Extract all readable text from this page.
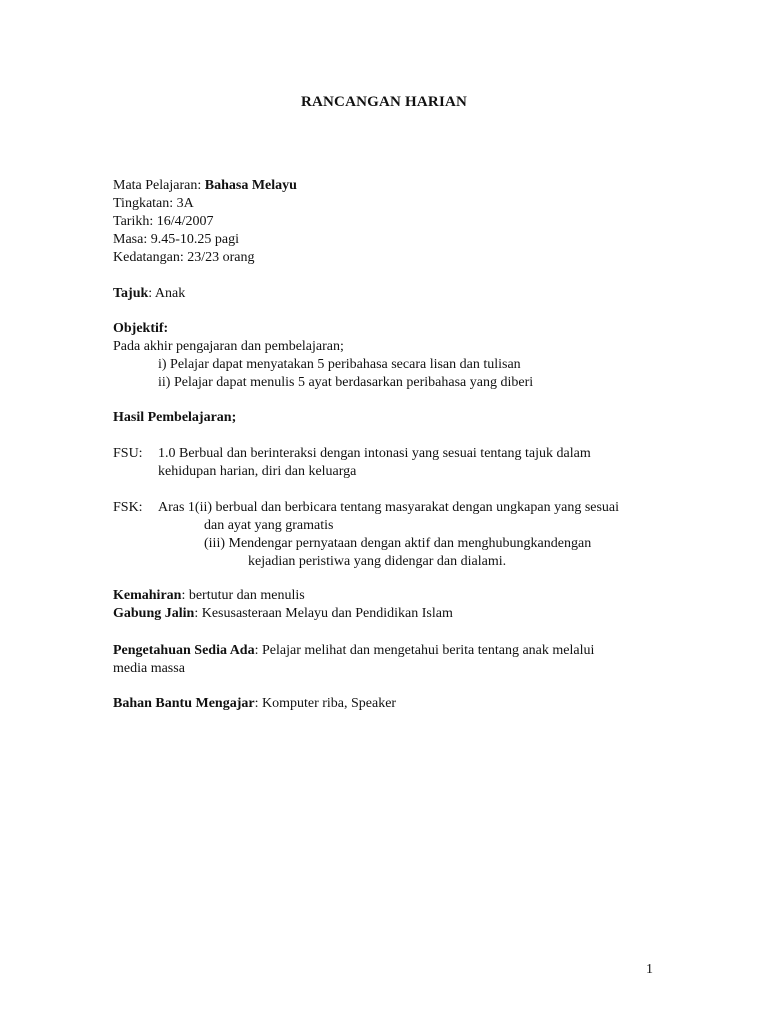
RANCANGAN HARIAN
Mata Pelajaran: Bahasa Melayu
Tingkatan: 3A
Tarikh: 16/4/2007
Masa: 9.45-10.25 pagi
Kedatangan: 23/23 orang
Tajuk: Anak
Objektif:
Pada akhir pengajaran dan pembelajaran;
i) Pelajar dapat menyatakan 5 peribahasa secara lisan dan tulisan
ii) Pelajar dapat menulis 5 ayat berdasarkan peribahasa yang diberi
Hasil Pembelajaran;
FSU: 1.0 Berbual dan berinteraksi dengan intonasi yang sesuai tentang tajuk dalam
kehidupan harian, diri dan keluarga
FSK: Aras 1(ii) berbual dan berbicara tentang masyarakat dengan ungkapan yang sesuai
dan ayat yang gramatis
(iii) Mendengar pernyataan dengan aktif dan menghubungkandengan
kejadian peristiwa yang didengar dan dialami.
Kemahiran: bertutur dan menulis
Gabung Jalin: Kesusasteraan Melayu dan Pendidikan Islam
Pengetahuan Sedia Ada: Pelajar melihat dan mengetahui berita tentang anak melalui
media massa
Bahan Bantu Mengajar: Komputer riba, Speaker
1
